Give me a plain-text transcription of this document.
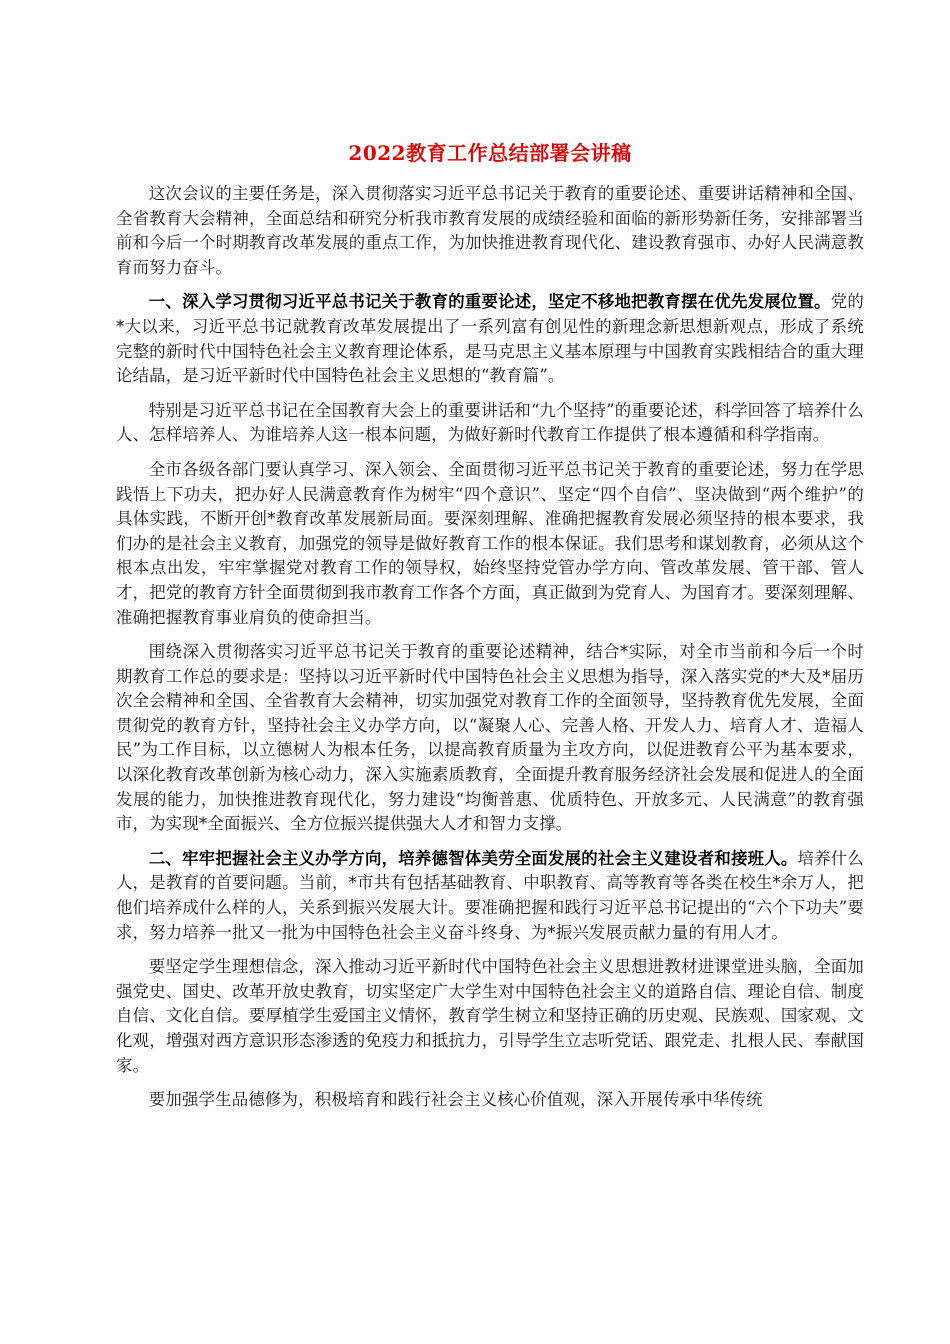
2022教育工作总结部署会讲稿

这次会议的主要任务是，深入贯彻落实习近平总书记关于教育的重要论述、重要讲话精神和全国、全省教育大会精神，全面总结和研究分析我市教育发展的成绩经验和面临的新形势新任务，安排部署当前和今后一个时期教育改革发展的重点工作，为加快推进教育现代化、建设教育强市、办好人民满意教育而努力奋斗。

一、深入学习贯彻习近平总书记关于教育的重要论述，坚定不移地把教育摆在优先发展位置。党的*大以来，习近平总书记就教育改革发展提出了一系列富有创见性的新理念新思想新观点，形成了系统完整的新时代中国特色社会主义教育理论体系，是马克思主义基本原理与中国教育实践相结合的重大理论结晶，是习近平新时代中国特色社会主义思想的“教育篇”。

特别是习近平总书记在全国教育大会上的重要讲话和“九个坚持”的重要论述，科学回答了培养什么人、怎样培养人、为谁培养人这一根本问题，为做好新时代教育工作提供了根本遵循和科学指南。

全市各级各部门要认真学习、深入领会、全面贯彻习近平总书记关于教育的重要论述，努力在学思践悟上下功夫，把办好人民满意教育作为树牢“四个意识”、坚定“四个自信”、坚决做到“两个维护”的具体实践，不断开创*教育改革发展新局面。要深刻理解、准确把握教育发展必须坚持的根本要求，我们办的是社会主义教育，加强党的领导是做好教育工作的根本保证。我们思考和谋划教育，必须从这个根本点出发，牢牢掌握党对教育工作的领导权，始终坚持党管办学方向、管改革发展、管干部、管人才，把党的教育方针全面贯彻到我市教育工作各个方面，真正做到为党育人、为国育才。要深刻理解、准确把握教育事业肩负的使命担当。

围绕深入贯彻落实习近平总书记关于教育的重要论述精神，结合*实际，对全市当前和今后一个时期教育工作总的要求是：坚持以习近平新时代中国特色社会主义思想为指导，深入落实党的*大及*届历次全会精神和全国、全省教育大会精神，切实加强党对教育工作的全面领导，坚持教育优先发展，全面贯彻党的教育方针，坚持社会主义办学方向，以“凝聚人心、完善人格、开发人力、培育人才、造福人民”为工作目标，以立德树人为根本任务，以提高教育质量为主攻方向，以促进教育公平为基本要求，以深化教育改革创新为核心动力，深入实施素质教育，全面提升教育服务经济社会发展和促进人的全面发展的能力，加快推进教育现代化，努力建设“均衡普惠、优质特色、开放多元、人民满意”的教育强市，为实现*全面振兴、全方位振兴提供强大人才和智力支撑。

二、牢牢把握社会主义办学方向，培养德智体美劳全面发展的社会主义建设者和接班人。培养什么人，是教育的首要问题。当前，*市共有包括基础教育、中职教育、高等教育等各类在校生*余万人，把他们培养成什么样的人，关系到振兴发展大计。要准确把握和践行习近平总书记提出的“六个下功夫”要求，努力培养一批又一批为中国特色社会主义奋斗终身、为*振兴发展贡献力量的有用人才。

要坚定学生理想信念，深入推动习近平新时代中国特色社会主义思想进教材进课堂进头脑，全面加强党史、国史、改革开放史教育，切实坚定广大学生对中国特色社会主义的道路自信、理论自信、制度自信、文化自信。要厚植学生爱国主义情怀，教育学生树立和坚持正确的历史观、民族观、国家观、文化观，增强对西方意识形态渗透的免疫力和抵抗力，引导学生立志听党话、跟党走、扎根人民、奉献国家。

要加强学生品德修为，积极培育和践行社会主义核心价值观，深入开展传承中华传统
